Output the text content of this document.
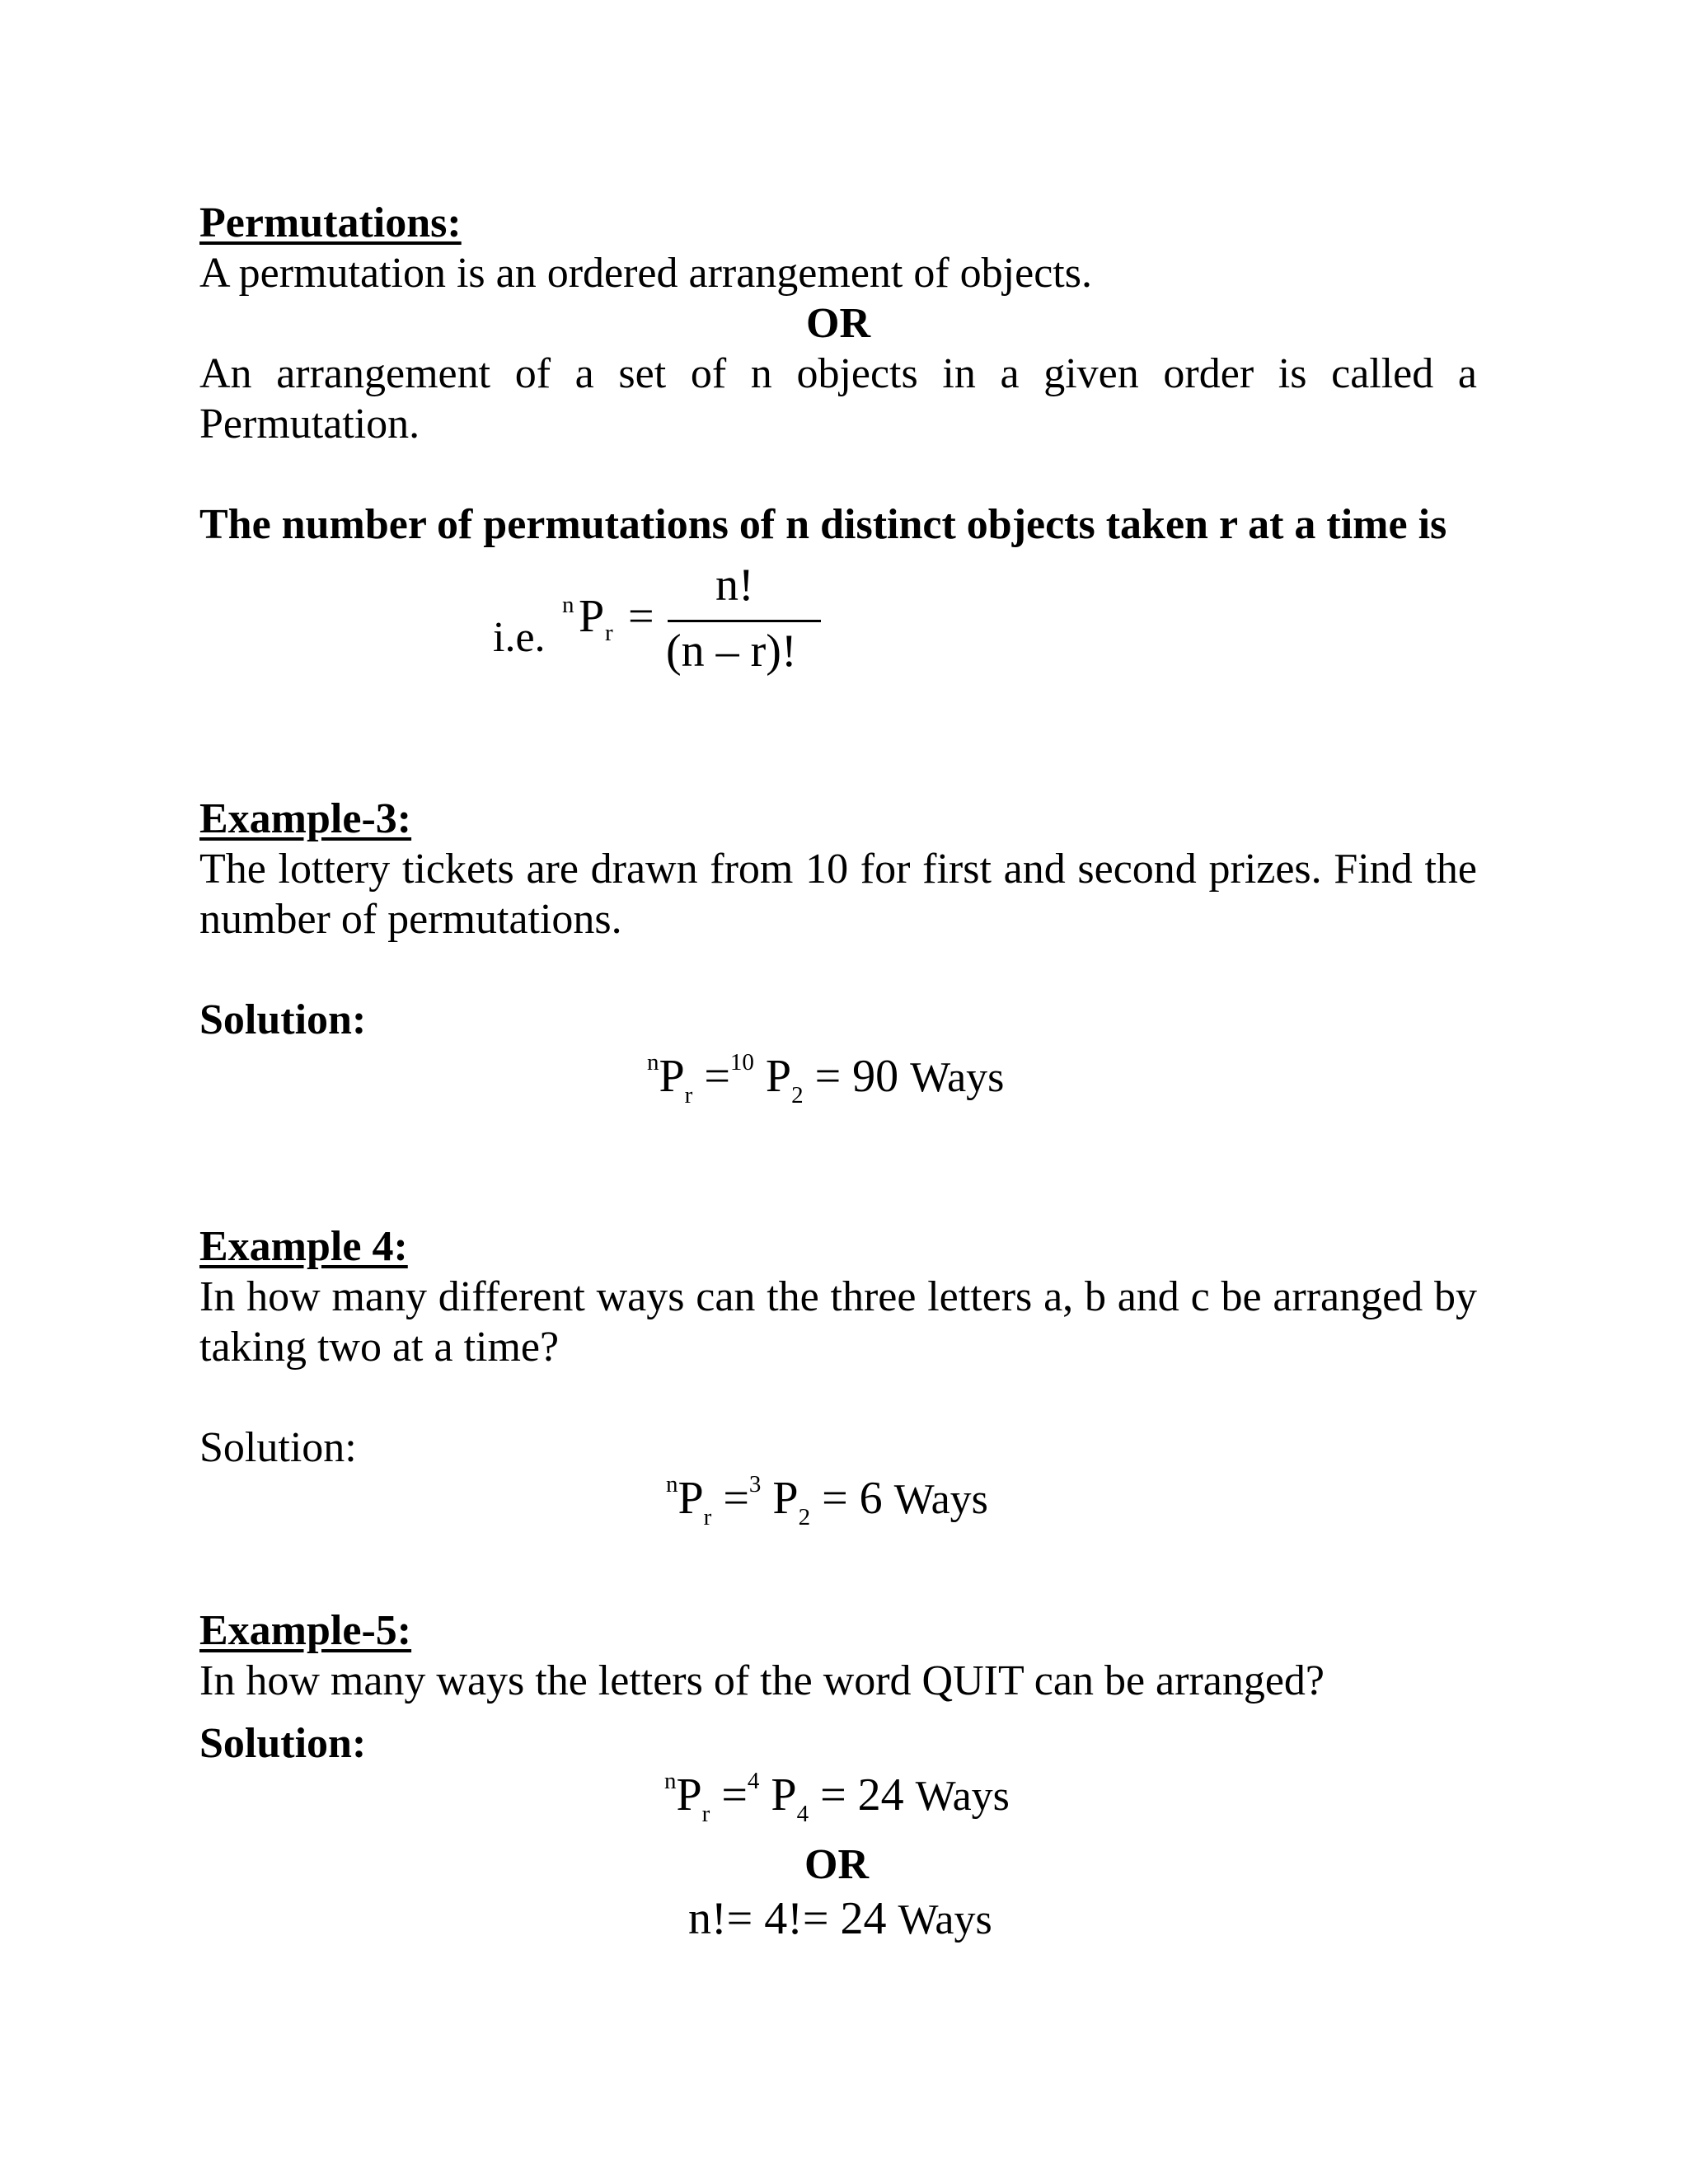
Permutations:
A permutation is an ordered arrangement of objects.
OR
An arrangement of a set of n objects in a given order is called a Permutation.
The number of permutations of n distinct objects taken r at a time is
i.e.
n P r =
n!
(n – r)!
Example-3:
The lottery tickets are drawn from 10 for first and second prizes. Find the number of permutations.
Solution:
$^nP_r =^{10}$ $P_2 = 90$ Ways
Example 4:
In how many different ways can the three letters a, b and c be arranged by taking two at a time?
Solution:
$^nP_r =^3$ $P_2 = 6$ Ways
Example-5:
In how many ways the letters of the word QUIT can be arranged?
Solution:
$^nP_r =^4$ $P_4 = 24$ Ways
OR
n!= 4!= 24 Ways
